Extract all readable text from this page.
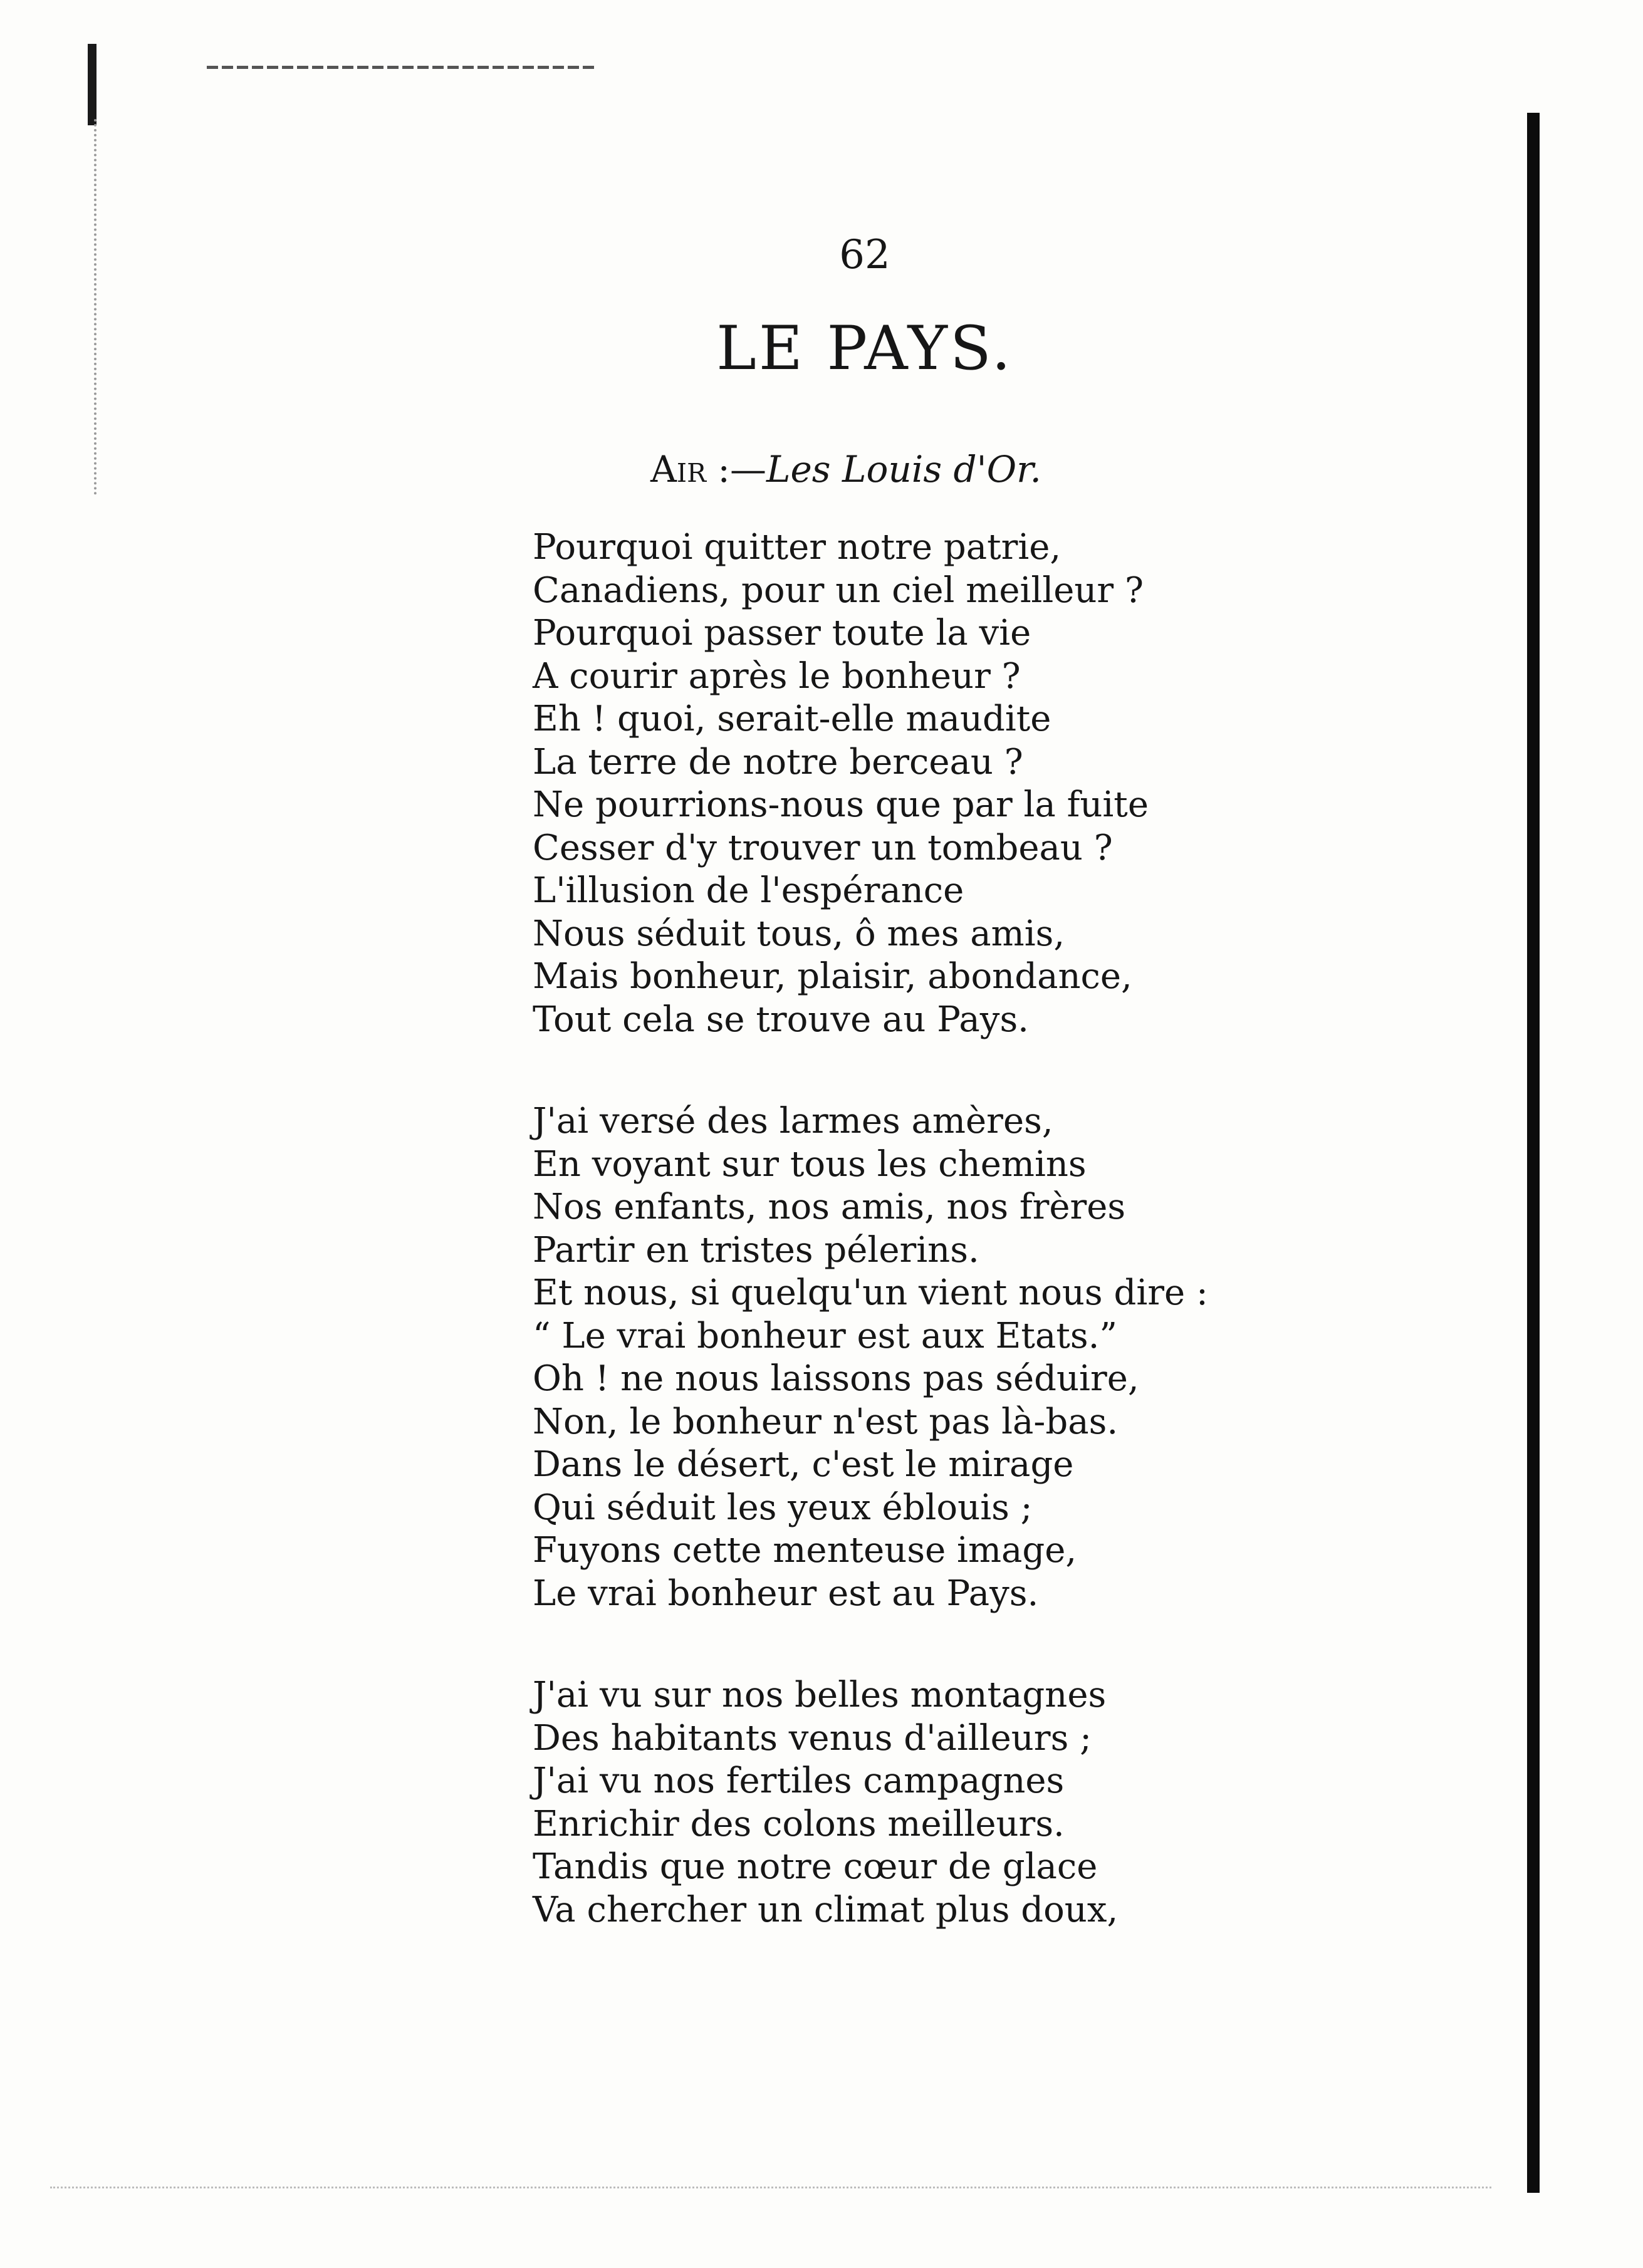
62
LE PAYS.
Air :—Les Louis d'Or.
Pourquoi quitter notre patrie,
Canadiens, pour un ciel meilleur ?
Pourquoi passer toute la vie
A courir après le bonheur ?
Eh ! quoi, serait-elle maudite
La terre de notre berceau ?
Ne pourrions-nous que par la fuite
Cesser d'y trouver un tombeau ?
L'illusion de l'espérance
Nous séduit tous, ô mes amis,
Mais bonheur, plaisir, abondance,
Tout cela se trouve au Pays.
J'ai versé des larmes amères,
En voyant sur tous les chemins
Nos enfants, nos amis, nos frères
Partir en tristes pélerins.
Et nous, si quelqu'un vient nous dire :
“ Le vrai bonheur est aux Etats.”
Oh ! ne nous laissons pas séduire,
Non, le bonheur n'est pas là-bas.
Dans le désert, c'est le mirage
Qui séduit les yeux éblouis ;
Fuyons cette menteuse image,
Le vrai bonheur est au Pays.
J'ai vu sur nos belles montagnes
Des habitants venus d'ailleurs ;
J'ai vu nos fertiles campagnes
Enrichir des colons meilleurs.
Tandis que notre cœur de glace
Va chercher un climat plus doux,
